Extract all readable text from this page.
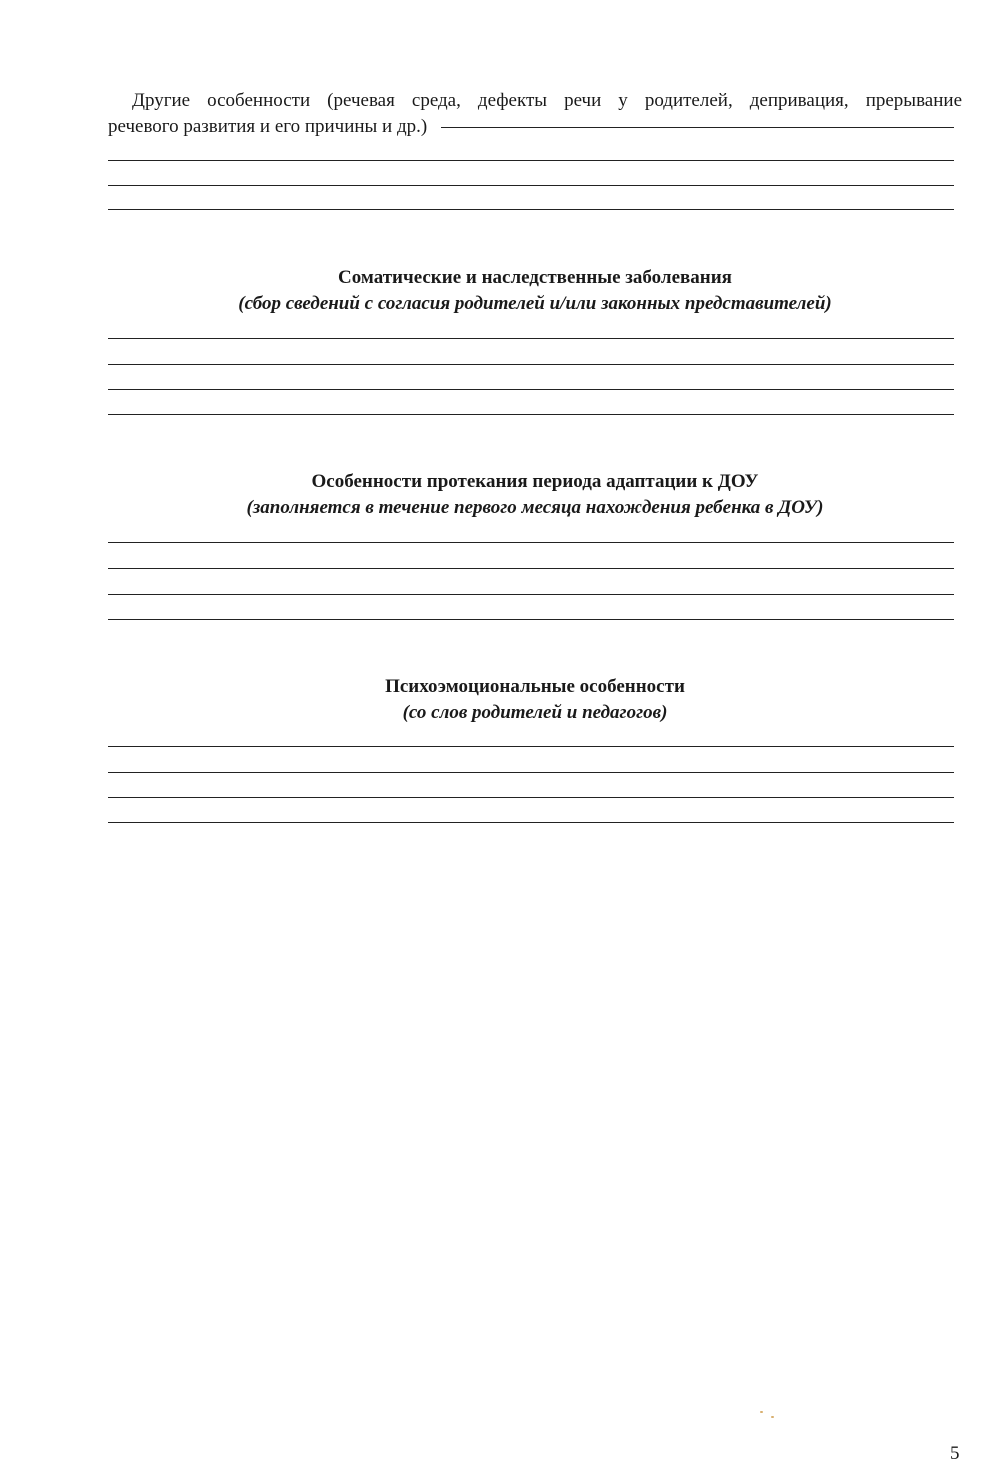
Другие особенности (речевая среда, дефекты речи у родителей, депривация, прерывание

речевого развития и его причины и др.)
Соматические и наследственные заболевания
(сбор сведений с согласия родителей и/или законных представителей)
Особенности протекания периода адаптации к ДОУ
(заполняется в течение первого месяца нахождения ребенка в ДОУ)
Психоэмоциональные особенности
(со слов родителей и педагогов)
5
